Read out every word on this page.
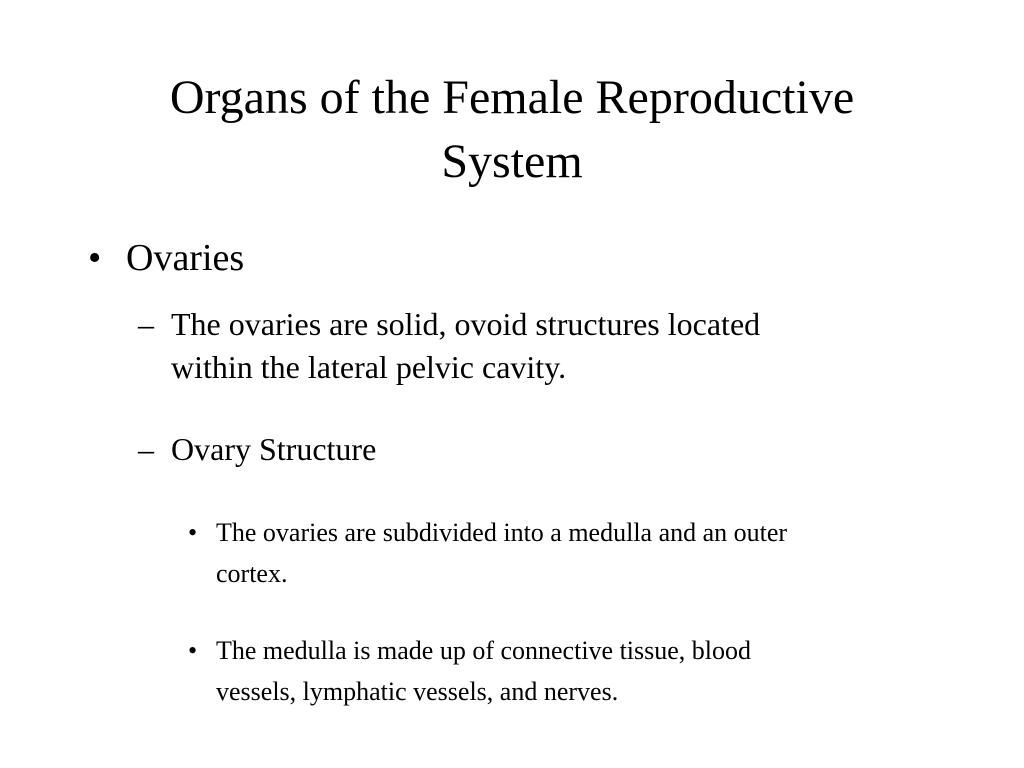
Organs of the Female Reproductive
System
• Ovaries
– The ovaries are solid, ovoid structures located
within the lateral pelvic cavity.
– Ovary Structure
• The ovaries are subdivided into a medulla and an outer
cortex.
• The medulla is made up of connective tissue, blood
vessels, lymphatic vessels, and nerves.
